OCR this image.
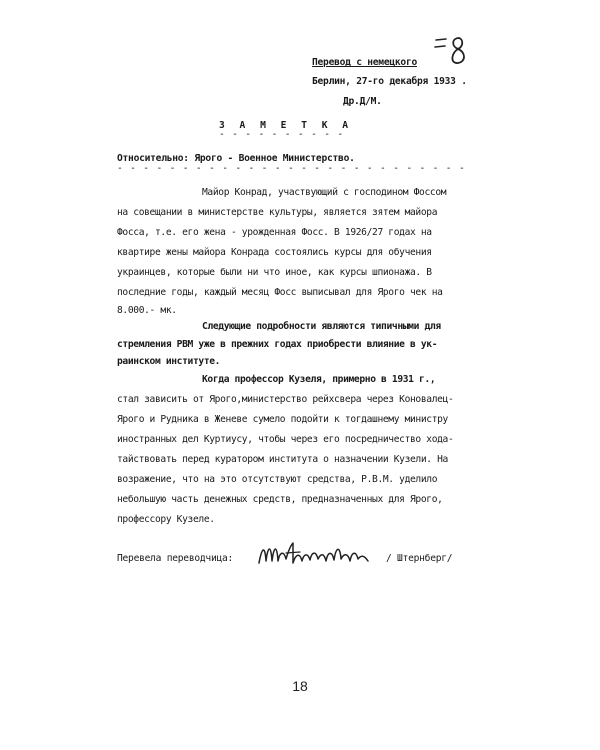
Перевод с немецкого
Берлин, 27-го декабря 1933 .
Др.Д/М.
З А М Е Т К А
- - - - - - - - - -
Относительно: Ярого - Военное Министерство.
- - - - - - - - - - - - - - - - - - - - - - - - - - -
Майор Конрад, участвующий с господином Фоссом
на совещании в министерстве культуры, является зятем майора
Фосса, т.е. его жена - урожденная Фосс. В 1926/27 годах на
квартире жены майора Конрада состоялись курсы для обучения
украинцев, которые были ни что иное, как курсы шпионажа. В
последние годы, каждый месяц Фосс выписывал для Ярого чек на
8.000.- мк.
Следующие подробности являются типичными для
стремления РВМ уже в прежних годах приобрести влияние в ук-
раинском институте.
Когда профессор Кузеля, примерно в 1931 г.,
стал зависить от Ярого,министерство рейхсвера через Коновалец-
Ярого и Рудника в Женеве сумело подойти к тогдашнему министру
иностранных дел Куртиусу, чтобы через его посредничество хода-
тайствовать перед куратором института о назначении Кузели. На
возражение, что на это отсутствуют средства, Р.В.М. уделило
небольшую часть денежных средств, предназначенных для Ярого,
профессору Кузеле.
Перевела переводчица:	/ Штернберг/
18
